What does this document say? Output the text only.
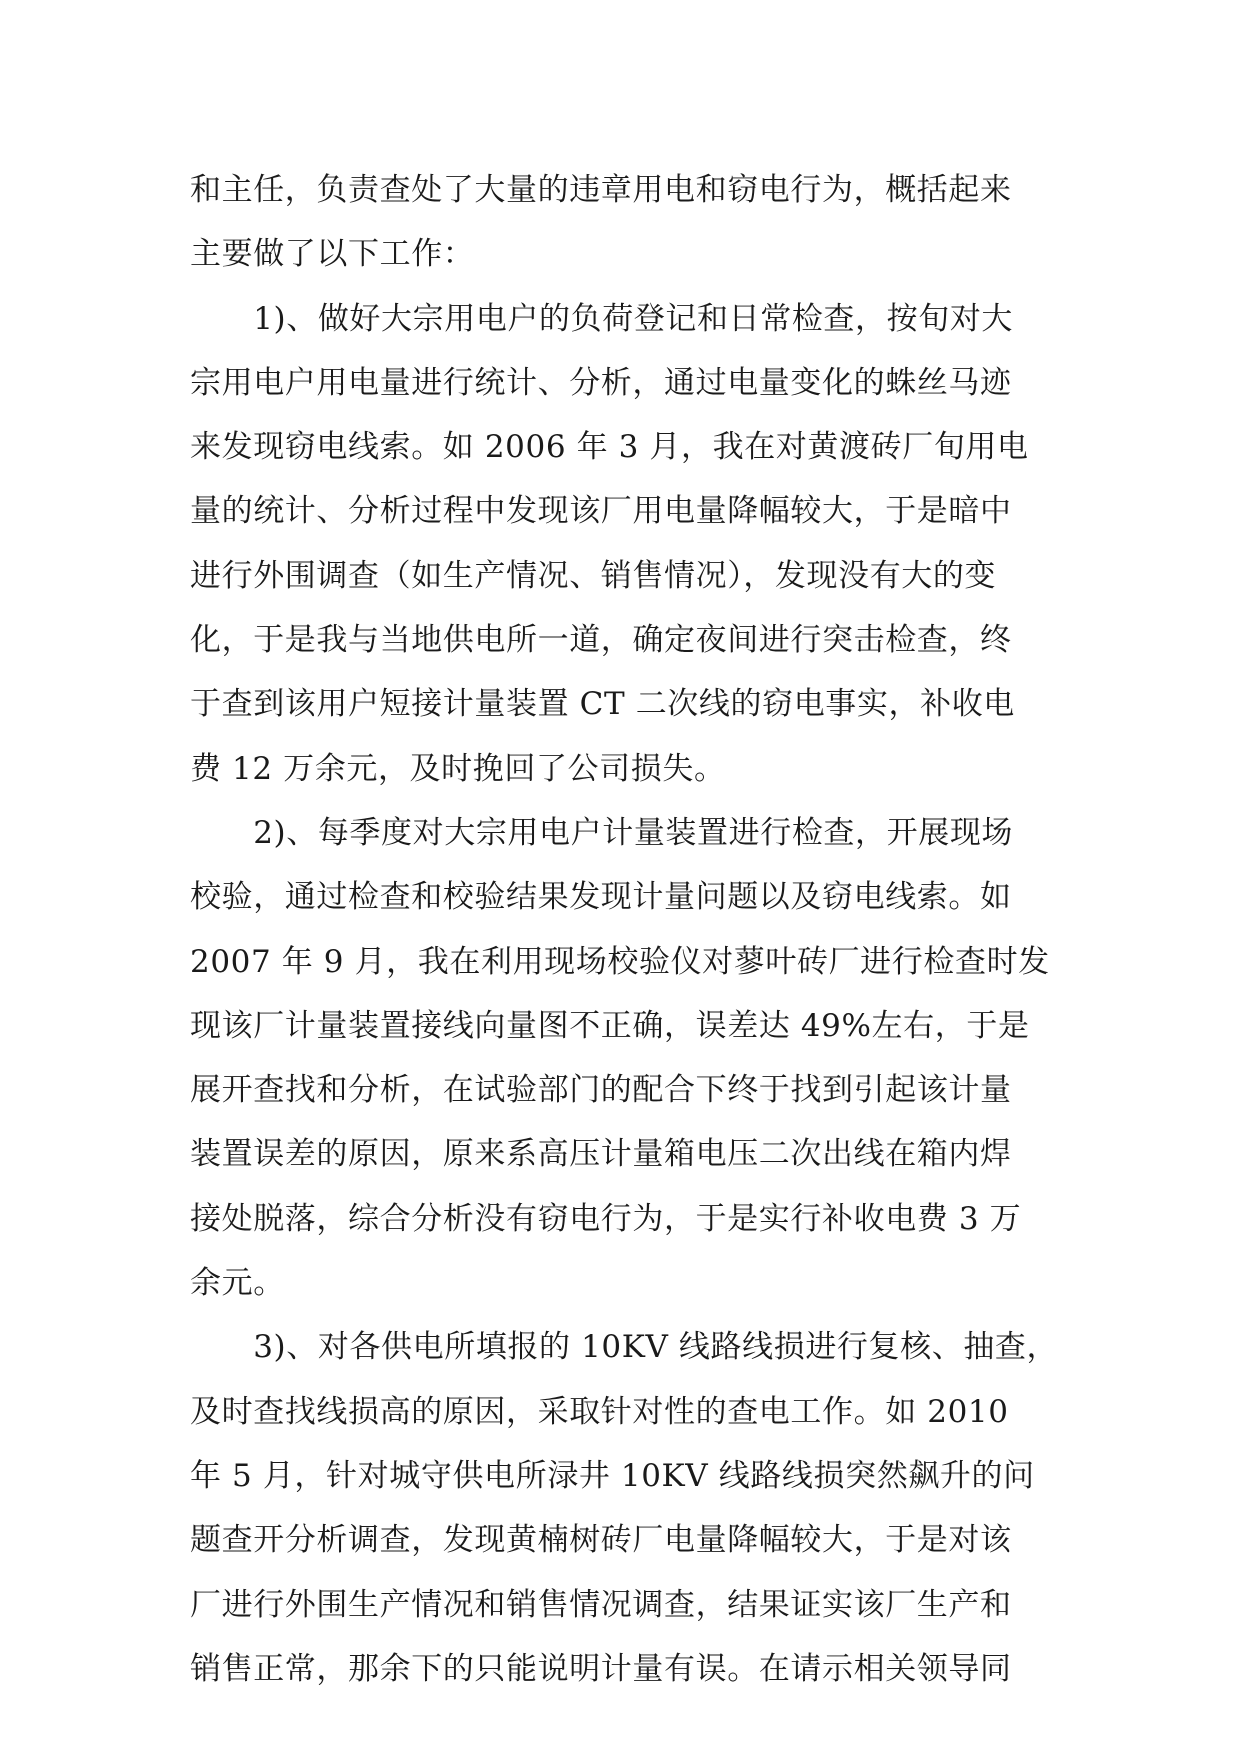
和主任，负责查处了大量的违章用电和窃电行为，概括起来
主要做了以下工作：
　　1)、做好大宗用电户的负荷登记和日常检查，按旬对大
宗用电户用电量进行统计、分析，通过电量变化的蛛丝马迹
来发现窃电线索。如 2006 年 3 月，我在对黄渡砖厂旬用电
量的统计、分析过程中发现该厂用电量降幅较大，于是暗中
进行外围调查（如生产情况、销售情况），发现没有大的变
化，于是我与当地供电所一道，确定夜间进行突击检查，终
于查到该用户短接计量装置 CT 二次线的窃电事实，补收电
费 12 万余元，及时挽回了公司损失。
　　2)、每季度对大宗用电户计量装置进行检查，开展现场
校验，通过检查和校验结果发现计量问题以及窃电线索。如
2007 年 9 月，我在利用现场校验仪对蓼叶砖厂进行检查时发
现该厂计量装置接线向量图不正确，误差达 49%左右，于是
展开查找和分析，在试验部门的配合下终于找到引起该计量
装置误差的原因，原来系高压计量箱电压二次出线在箱内焊
接处脱落，综合分析没有窃电行为，于是实行补收电费 3 万
余元。
　　3)、对各供电所填报的 10KV 线路线损进行复核、抽查，
及时查找线损高的原因，采取针对性的查电工作。如 2010
年 5 月，针对城守供电所渌井 10KV 线路线损突然飙升的问
题查开分析调查，发现黄楠树砖厂电量降幅较大，于是对该
厂进行外围生产情况和销售情况调查，结果证实该厂生产和
销售正常，那余下的只能说明计量有误。在请示相关领导同
